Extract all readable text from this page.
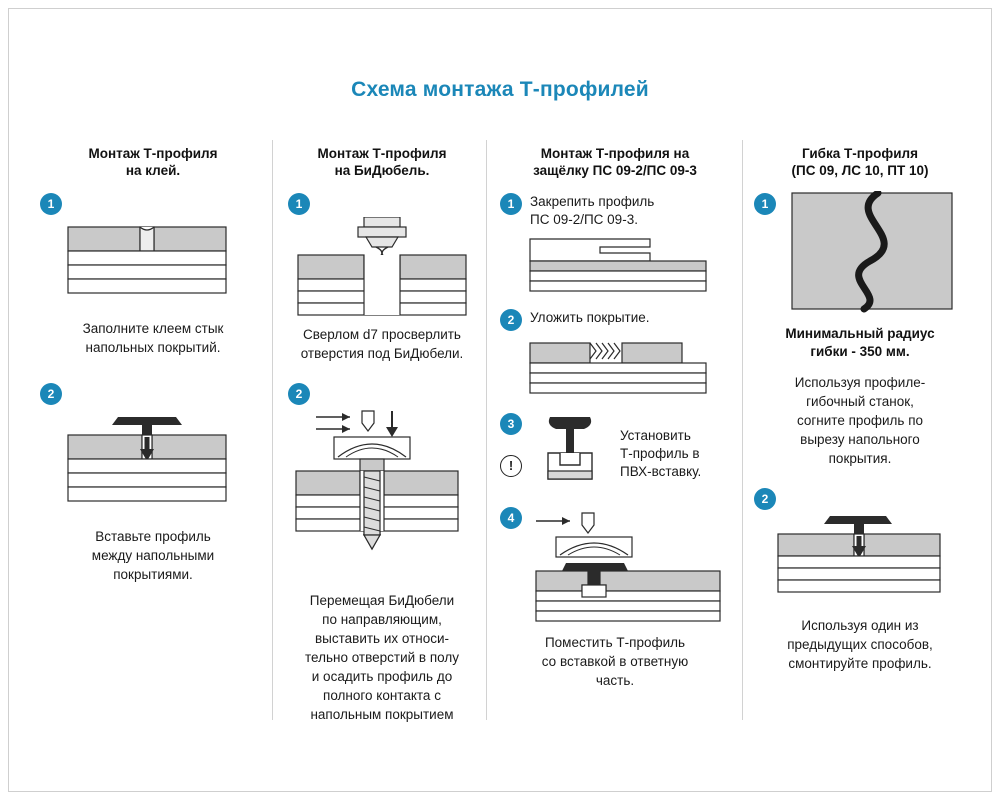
Схема монтажа Т-профилей
Монтаж Т-профиля
на клей.
1
Заполните клеем стык
напольных покрытий.
2
Вставьте профиль
между напольными
покрытиями.
Монтаж Т-профиля
на БиДюбель.
1
Сверлом d7 просверлить
отверстия под БиДюбели.
2
Перемещая БиДюбели
по направляющим,
выставить их относи-
тельно отверстий в полу
и осадить профиль до
полного контакта с
напольным покрытием
Монтаж Т-профиля на
защёлку ПС 09-2/ПС 09-3
1	Закрепить профиль
ПС 09-2/ПС 09-3.
2	Уложить покрытие.
3
!
Установить
Т-профиль в
ПВХ-вставку.
4
Поместить Т-профиль
со вставкой в ответную
часть.
Гибка Т-профиля
(ПС 09, ЛС 10, ПТ 10)
1
Минимальный радиус
гибки - 350 мм.
Используя профиле-
гибочный станок,
согните профиль по
вырезу напольного
покрытия.
2
Используя один из
предыдущих способов,
смонтируйте профиль.
